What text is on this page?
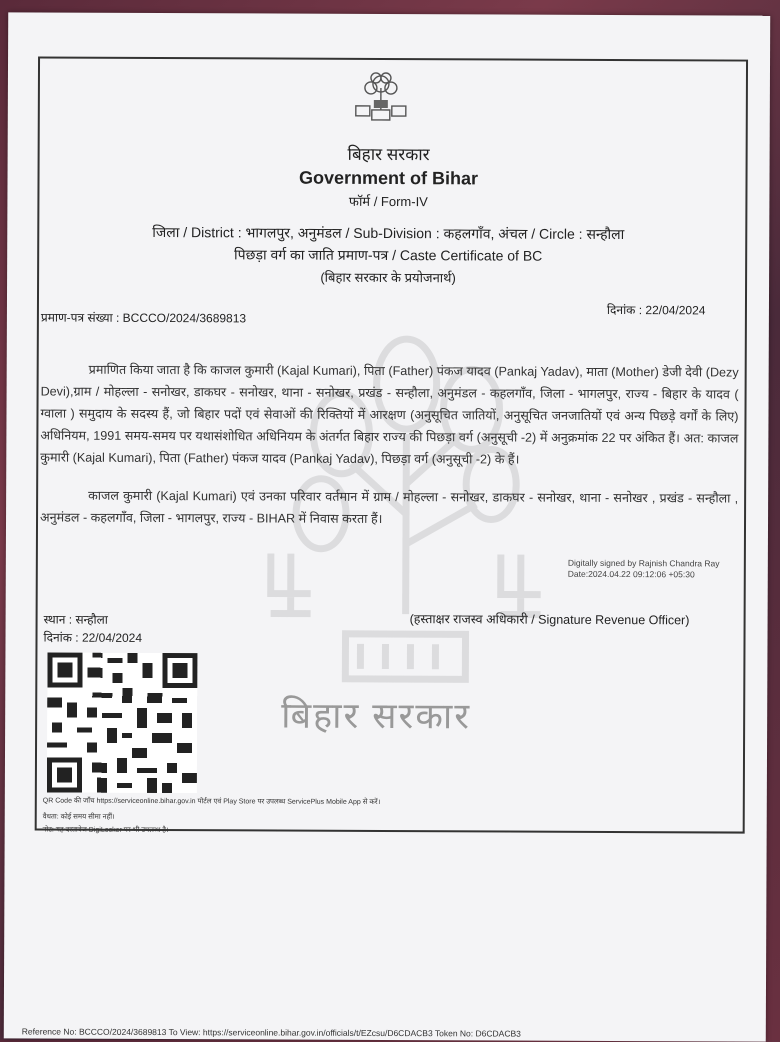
बिहार सरकार
बिहार सरकार
Government of Bihar
फॉर्म / Form-IV
जिला / District : भागलपुर, अनुमंडल / Sub-Division : कहलगाँव, अंचल / Circle : सन्हौला
पिछड़ा वर्ग का जाति प्रमाण-पत्र / Caste Certificate of BC
(बिहार सरकार के प्रयोजनार्थ)
प्रमाण-पत्र संख्या : BCCCO/2024/3689813
दिनांक : 22/04/2024
प्रमाणित किया जाता है कि काजल कुमारी (Kajal Kumari), पिता (Father) पंकज यादव (Pankaj Yadav), माता (Mother) डेजी देवी (Dezy Devi),ग्राम / मोहल्ला - सनोखर, डाकघर - सनोखर, थाना - सनोखर, प्रखंड - सन्हौला, अनुमंडल - कहलगाँव, जिला - भागलपुर, राज्य - बिहार के यादव ( ग्वाला ) समुदाय के सदस्य हैं, जो बिहार पदों एवं सेवाओं की रिक्तियों में आरक्षण (अनुसूचित जातियों, अनुसूचित जनजातियों एवं अन्य पिछड़े वर्गों के लिए) अधिनियम, 1991 समय-समय पर यथासंशोधित अधिनियम के अंतर्गत बिहार राज्य की पिछड़ा वर्ग (अनुसूची -2) में अनुक्रमांक 22 पर अंकित हैं। अत: काजल कुमारी (Kajal Kumari), पिता (Father) पंकज यादव (Pankaj Yadav), पिछड़ा वर्ग (अनुसूची -2) के हैं।
काजल कुमारी (Kajal Kumari) एवं उनका परिवार वर्तमान में ग्राम / मोहल्ला - सनोखर, डाकघर - सनोखर, थाना - सनोखर , प्रखंड - सन्हौला , अनुमंडल - कहलगाँव, जिला - भागलपुर, राज्य - BIHAR में निवास करता हैं।
Digitally signed by Rajnish Chandra Ray
Date:2024.04.22 09:12:06 +05:30
स्थान : सन्हौला
दिनांक : 22/04/2024
(हस्ताक्षर राजस्व अधिकारी / Signature Revenue Officer)
QR Code की जाँच https://serviceonline.bihar.gov.in पोर्टल एवं Play Store पर उपलब्ध ServicePlus Mobile App से करें।
वैधता: कोई समय सीमा नहीं।
नोट: यह दस्तावेज DigiLocker पर भी उपलब्ध है।
Reference No: BCCCO/2024/3689813 To View: https://serviceonline.bihar.gov.in/officials/t/EZcsu/D6CDACB3 Token No: D6CDACB3
